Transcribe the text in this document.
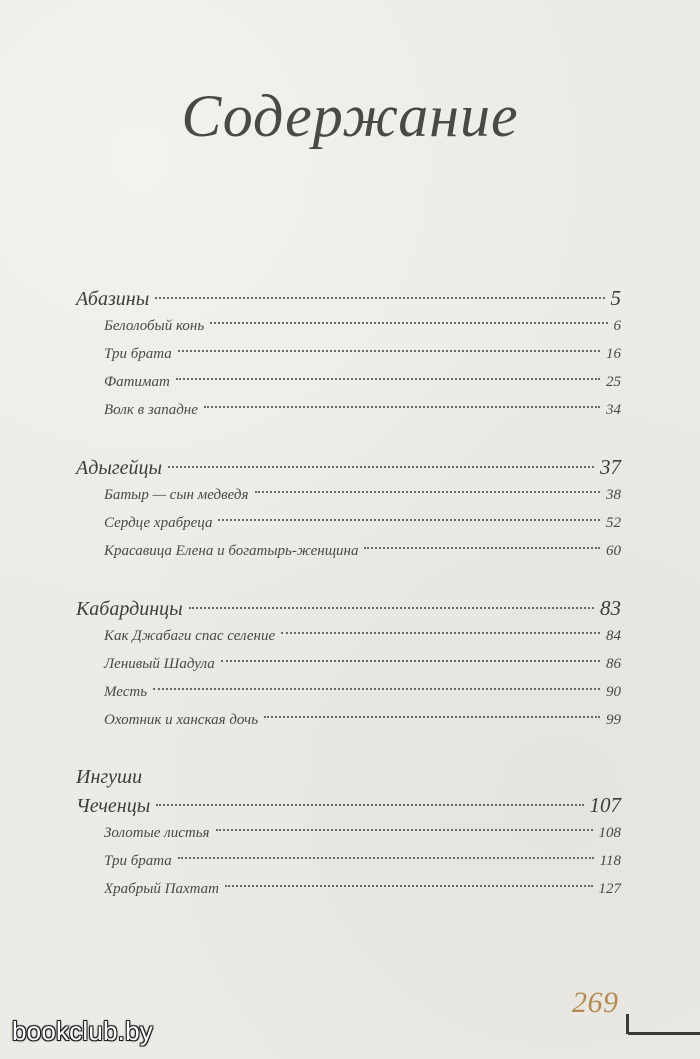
Содержание
Абазины	5
Белолобый конь	6
Три брата	16
Фатимат	25
Волк в западне	34
Адыгейцы	37
Батыр — сын медведя	38
Сердце храбреца	52
Красавица Елена и богатырь-женщина	60
Кабардинцы	83
Как Джабаги спас селение	84
Ленивый Шадула	86
Месть	90
Охотник и ханская дочь	99
Ингуши
Чеченцы	107
Золотые листья	108
Три брата	118
Храбрый Пахтат	127
269
bookclub.by
